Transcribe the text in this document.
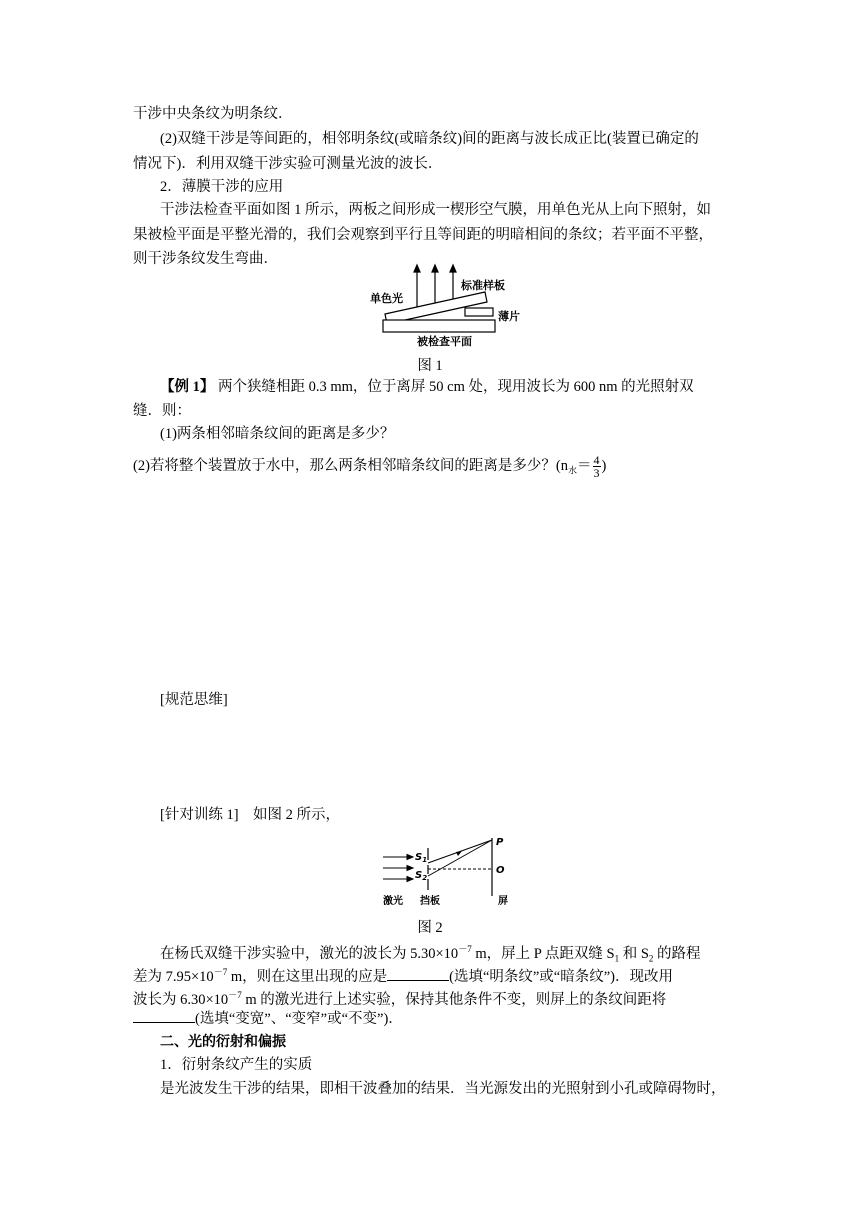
干涉中央条纹为明条纹．
(2)双缝干涉是等间距的，相邻明条纹(或暗条纹)间的距离与波长成正比(装置已确定的
情况下)．利用双缝干涉实验可测量光波的波长．
2．薄膜干涉的应用
干涉法检查平面如图 1 所示，两板之间形成一楔形空气膜，用单色光从上向下照射，如
果被检平面是平整光滑的，我们会观察到平行且等间距的明暗相间的条纹；若平面不平整，
则干涉条纹发生弯曲．
单色光
标准样板
薄片
被检查平面
图 1
【例 1】 两个狭缝相距 0.3 mm，位于离屏 50 cm 处，现用波长为 600 nm 的光照射双
缝．则：
(1)两条相邻暗条纹间的距离是多少？
(2)若将整个装置放于水中，那么两条相邻暗条纹间的距离是多少？($n_水= \frac{4}{3}$ )
[规范思维]
[针对训练 1]　如图 2 所示，
$S_1$
$S_2$
P
O
激光 挡板	屏
图 2
在杨氏双缝干涉实验中，激光的波长为 $5.30\times 10^{-7}$ m，屏上 P 点距双缝 $S_1$ 和 $S_2$ 的路程
差为 $7.95\times 10^{-7}$ m，则在这里出现的应是	(选填“明条纹”或“暗条纹”)．现改用
波长为 $6.30\times 10^{-7}$ m 的激光进行上述实验，保持其他条件不变，则屏上的条纹间距将
(选填“变宽”、“变窄”或“不变”)．
二、光的衍射和偏振
1．衍射条纹产生的实质
是光波发生干涉的结果，即相干波叠加的结果．当光源发出的光照射到小孔或障碍物时，
